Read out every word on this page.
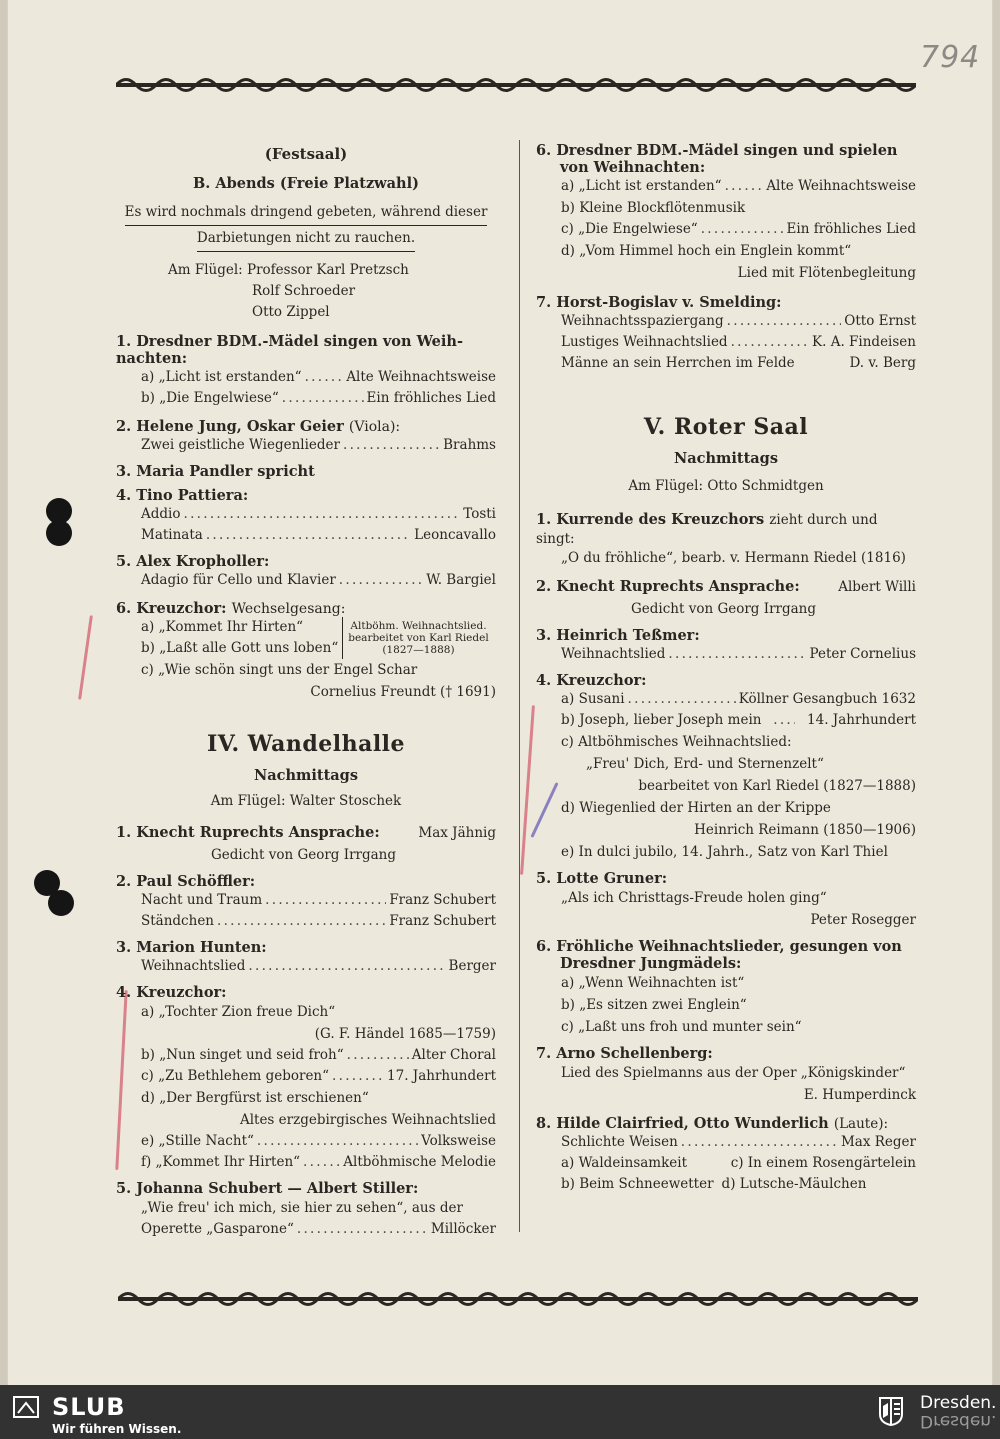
794
(Festsaal)
B. Abends (Freie Platzwahl)
Es wird nochmals dringend gebeten, während dieser
Darbietungen nicht zu rauchen.
Am Flügel: Professor Karl Pretzsch
Rolf Schroeder
Otto Zippel
1. Dresdner BDM.-Mädel singen von Weih-
nachten:
a) „Licht ist erstanden“ . . .	Alte Weihnachtsweise
b) „Die Engelwiese“ . . .	Ein fröhliches Lied
2. Helene Jung, Oskar Geier (Viola):
Zwei geistliche Wiegenlieder . . .	Brahms
3. Maria Pandler spricht
4. Tino Pattiera:
Addio . . .	Tosti
Matinata . . .	Leoncavallo
5. Alex Kropholler:
Adagio für Cello und Klavier . . .	W. Bargiel
6. Kreuzchor: Wechselgesang:
a) „Kommet Ihr Hirten“
b) „Laßt alle Gott uns loben“
Altböhm. Weihnachtslied.
bearbeitet von Karl Riedel
(1827—1888)
c) „Wie schön singt uns der Engel Schar
Cornelius Freundt († 1691)
IV. Wandelhalle
Nachmittags
Am Flügel: Walter Stoschek
1. Knecht Ruprechts Ansprache:	Max Jähnig
Gedicht von Georg Irrgang
2. Paul Schöffler:
Nacht und Traum . . .	Franz Schubert
Ständchen . . .	Franz Schubert
3. Marion Hunten:
Weihnachtslied . . .	Berger
4. Kreuzchor:
a) „Tochter Zion freue Dich“
(G. F. Händel 1685—1759)
b) „Nun singet und seid froh“ . . .	Alter Choral
c) „Zu Bethlehem geboren“ . . .	17. Jahrhundert
d) „Der Bergfürst ist erschienen“
Altes erzgebirgisches Weihnachtslied
e) „Stille Nacht“ . . .	Volksweise
f) „Kommet Ihr Hirten“ . . .	Altböhmische Melodie
5. Johanna Schubert — Albert Stiller:
„Wie freu' ich mich, sie hier zu sehen“, aus der
Operette „Gasparone“ . . .	Millöcker
6. Dresdner BDM.-Mädel singen und spielen
von Weihnachten:
a) „Licht ist erstanden“ . . .	Alte Weihnachtsweise
b) Kleine Blockflötenmusik
c) „Die Engelwiese“ . . .	Ein fröhliches Lied
d) „Vom Himmel hoch ein Englein kommt“
Lied mit Flötenbegleitung
7. Horst-Bogislav v. Smelding:
Weihnachtsspaziergang . . .	Otto Ernst
Lustiges Weihnachtslied . . .	K. A. Findeisen
Männe an sein Herrchen im Felde	D. v. Berg
V. Roter Saal
Nachmittags
Am Flügel: Otto Schmidtgen
1. Kurrende des Kreuzchors zieht durch und singt:
„O du fröhliche“, bearb. v. Hermann Riedel (1816)
2. Knecht Ruprechts Ansprache:	Albert Willi
Gedicht von Georg Irrgang
3. Heinrich Teßmer:
Weihnachtslied . . .	Peter Cornelius
4. Kreuzchor:
a) Susani . . .	Köllner Gesangbuch 1632
b) Joseph, lieber Joseph mein . . .	14. Jahrhundert
c) Altböhmisches Weihnachtslied:
„Freu' Dich, Erd- und Sternenzelt“
bearbeitet von Karl Riedel (1827—1888)
d) Wiegenlied der Hirten an der Krippe
Heinrich Reimann (1850—1906)
e) In dulci jubilo, 14. Jahrh., Satz von Karl Thiel
5. Lotte Gruner:
„Als ich Christtags-Freude holen ging“
Peter Rosegger
6. Fröhliche Weihnachtslieder, gesungen von
Dresdner Jungmädels:
a) „Wenn Weihnachten ist“
b) „Es sitzen zwei Englein“
c) „Laßt uns froh und munter sein“
7. Arno Schellenberg:
Lied des Spielmanns aus der Oper „Königskinder“
E. Humperdinck
8. Hilde Clairfried, Otto Wunderlich (Laute):
Schlichte Weisen . . .	Max Reger
a) Waldeinsamkeit	c) In einem Rosengärtelein
b) Beim Schneewetter d) Lutsche-Mäulchen
SLUB
Wir führen Wissen.
Dresden.
Dresden.
